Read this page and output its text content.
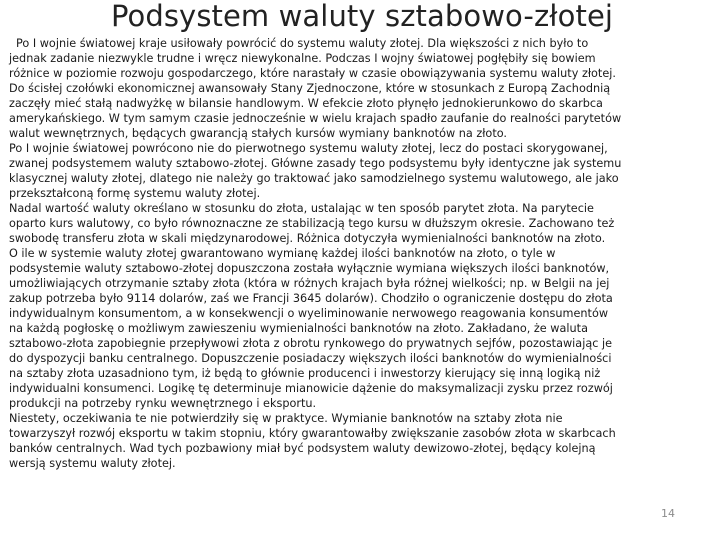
Podsystem waluty sztabowo-złotej
Po I wojnie światowej kraje usiłowały powrócić do systemu waluty złotej. Dla większości z nich było to
jednak zadanie niezwykle trudne i wręcz niewykonalne. Podczas I wojny światowej pogłębiły się bowiem
różnice w poziomie rozwoju gospodarczego, które narastały w czasie obowiązywania systemu waluty złotej.
Do ścisłej czołówki ekonomicznej awansowały Stany Zjednoczone, które w stosunkach z Europą Zachodnią
zaczęły mieć stałą nadwyżkę w bilansie handlowym. W efekcie złoto płynęło jednokierunkowo do skarbca
amerykańskiego. W tym samym czasie jednocześnie w wielu krajach spadło zaufanie do realności parytetów
walut wewnętrznych, będących gwarancją stałych kursów wymiany banknotów na złoto.
Po I wojnie światowej powrócono nie do pierwotnego systemu waluty złotej, lecz do postaci skorygowanej,
zwanej podsystemem waluty sztabowo-złotej. Główne zasady tego podsystemu były identyczne jak systemu
klasycznej waluty złotej, dlatego nie należy go traktować jako samodzielnego systemu walutowego, ale jako
przekształconą formę systemu waluty złotej.
Nadal wartość waluty określano w stosunku do złota, ustalając w ten sposób parytet złota. Na parytecie
oparto kurs walutowy, co było równoznaczne ze stabilizacją tego kursu w dłuższym okresie. Zachowano też
swobodę transferu złota w skali międzynarodowej. Różnica dotyczyła wymienialności banknotów na złoto.
O ile w systemie waluty złotej gwarantowano wymianę każdej ilości banknotów na złoto, o tyle w
podsystemie waluty sztabowo-złotej dopuszczona została wyłącznie wymiana większych ilości banknotów,
umożliwiających otrzymanie sztaby złota (która w różnych krajach była różnej wielkości; np. w Belgii na jej
zakup potrzeba było 9114 dolarów, zaś we Francji 3645 dolarów). Chodziło o ograniczenie dostępu do złota
indywidualnym konsumentom, a w konsekwencji o wyeliminowanie nerwowego reagowania konsumentów
na każdą pogłoskę o możliwym zawieszeniu wymienialności banknotów na złoto. Zakładano, że waluta
sztabowo-złota zapobiegnie przepływowi złota z obrotu rynkowego do prywatnych sejfów, pozostawiając je
do dyspozycji banku centralnego. Dopuszczenie posiadaczy większych ilości banknotów do wymienialności
na sztaby złota uzasadniono tym, iż będą to głównie producenci i inwestorzy kierujący się inną logiką niż
indywidualni konsumenci. Logikę tę determinuje mianowicie dążenie do maksymalizacji zysku przez rozwój
produkcji na potrzeby rynku wewnętrznego i eksportu.
Niestety, oczekiwania te nie potwierdziły się w praktyce. Wymianie banknotów na sztaby złota nie
towarzyszył rozwój eksportu w takim stopniu, który gwarantowałby zwiększanie zasobów złota w skarbcach
banków centralnych. Wad tych pozbawiony miał być podsystem waluty dewizowo-złotej, będący kolejną
wersją systemu waluty złotej.
14
